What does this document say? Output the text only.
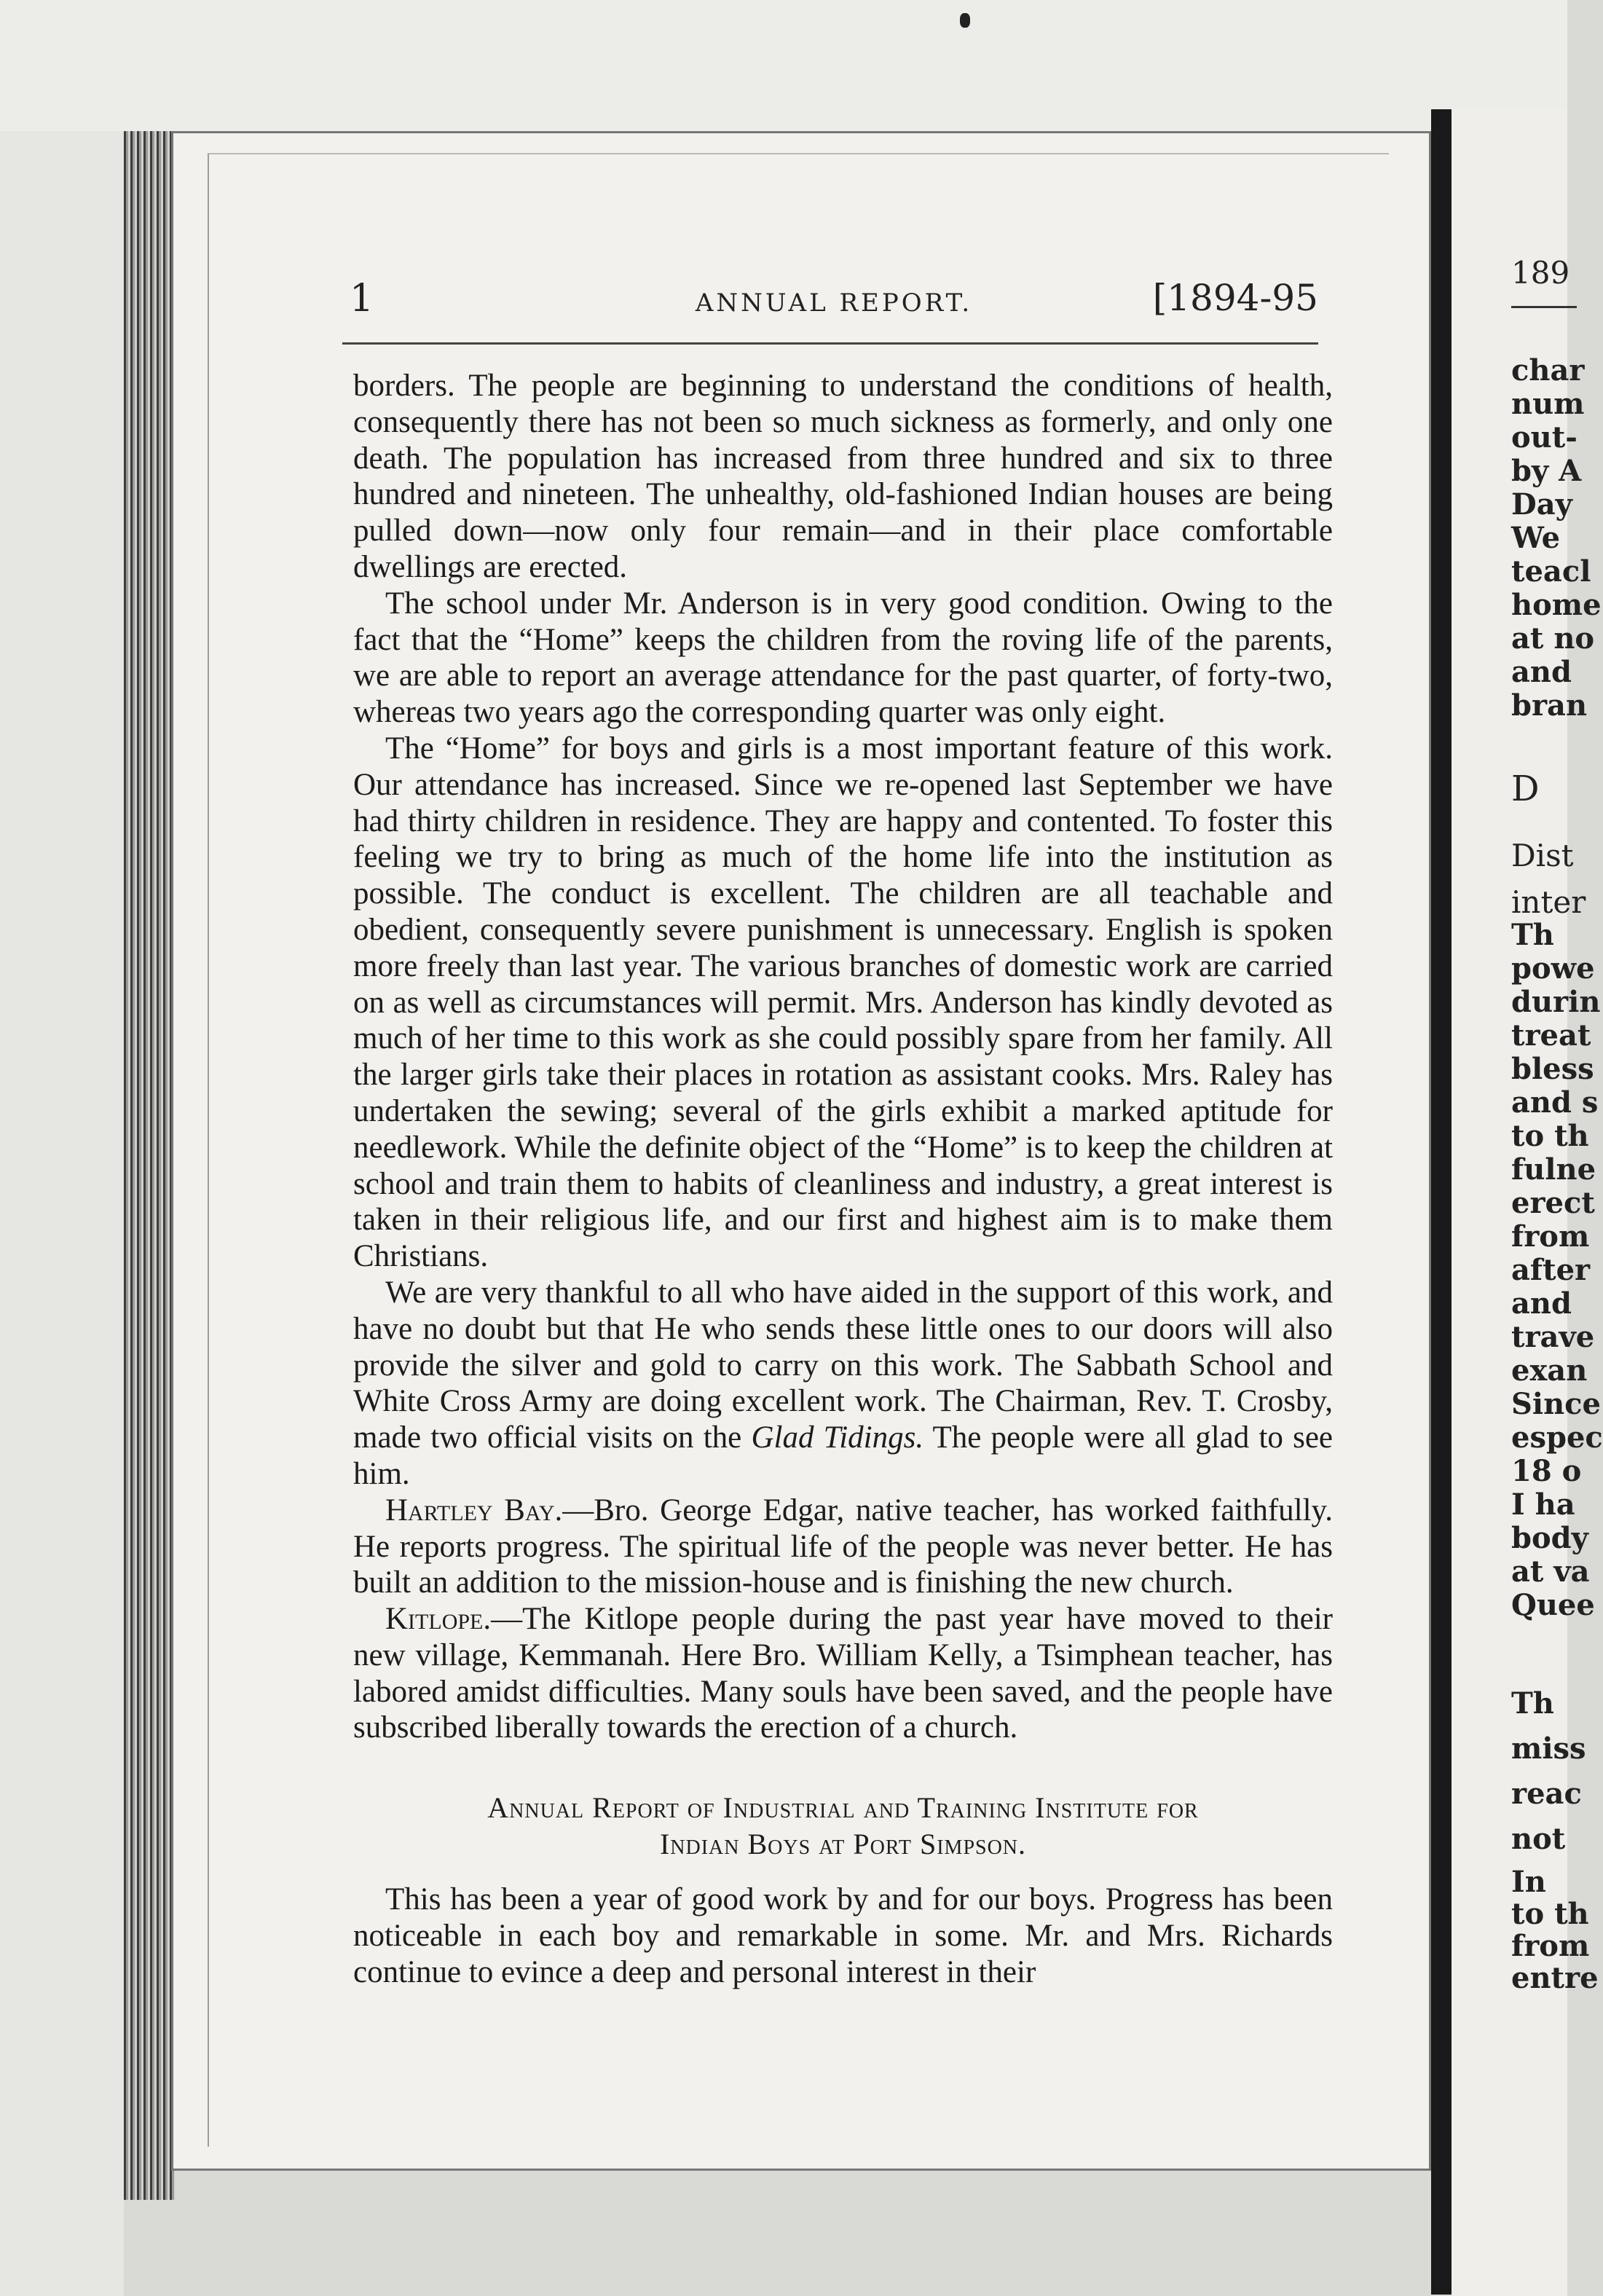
1	ANNUAL REPORT.	[1894-95

borders. The people are beginning to understand the conditions of health, consequently there has not been so much sickness as formerly, and only one death. The population has increased from three hundred and six to three hundred and nineteen. The unhealthy, old-fashioned Indian houses are being pulled down—now only four remain—and in their place comfortable dwellings are erected.

The school under Mr. Anderson is in very good condition. Owing to the fact that the “Home” keeps the children from the roving life of the parents, we are able to report an average attendance for the past quarter, of forty-two, whereas two years ago the corresponding quarter was only eight.

The “Home” for boys and girls is a most important feature of this work. Our attendance has increased. Since we re-opened last September we have had thirty children in residence. They are happy and contented. To foster this feeling we try to bring as much of the home life into the institution as possible. The conduct is excellent. The children are all teachable and obedient, consequently severe punishment is unnecessary. English is spoken more freely than last year. The various branches of domestic work are carried on as well as circumstances will permit. Mrs. Anderson has kindly devoted as much of her time to this work as she could possibly spare from her family. All the larger girls take their places in rotation as assistant cooks. Mrs. Raley has undertaken the sewing; several of the girls exhibit a marked aptitude for needlework. While the definite object of the “Home” is to keep the children at school and train them to habits of cleanliness and industry, a great interest is taken in their religious life, and our first and highest aim is to make them Christians.

We are very thankful to all who have aided in the support of this work, and have no doubt but that He who sends these little ones to our doors will also provide the silver and gold to carry on this work. The Sabbath School and White Cross Army are doing excellent work. The Chairman, Rev. T. Crosby, made two official visits on the Glad Tidings. The people were all glad to see him.

Hartley Bay.—Bro. George Edgar, native teacher, has worked faithfully. He reports progress. The spiritual life of the people was never better. He has built an addition to the mission-house and is finishing the new church.

Kitlope.—The Kitlope people during the past year have moved to their new village, Kemmanah. Here Bro. William Kelly, a Tsimphean teacher, has labored amidst difficulties. Many souls have been saved, and the people have subscribed liberally towards the erection of a church.

Annual Report of Industrial and Training Institute for
Indian Boys at Port Simpson.

This has been a year of good work by and for our boys. Progress has been noticeable in each boy and remarkable in some. Mr. and Mrs. Richards continue to evince a deep and personal interest in their

189
char
num
out-
by A
Day
We
teacl
home
at no
and
bran
D
Dist
inter
Th
powe
durin
treat
bless
and s
to th
fulne
erect
from
after
and
trave
exan
Since
espec
18 o
I ha
body
at va
Quee
Th
miss
reac
not
In
to th
from
entre
